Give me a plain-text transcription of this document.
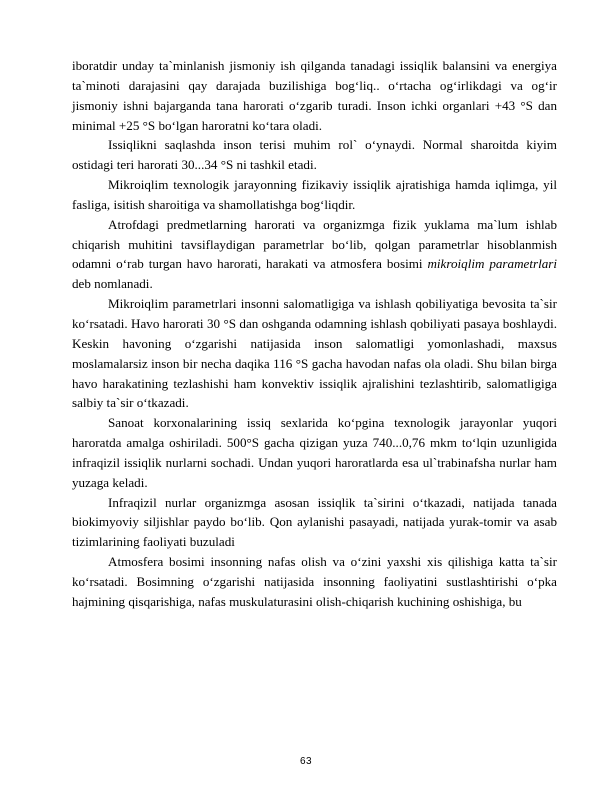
iboratdir unday ta`minlanish jismoniy ish qilganda tanadagi issiqlik balansini va energiya ta`minoti darajasini qay darajada buzilishiga bog‘liq.. o‘rtacha og‘irlikdagi va og‘ir jismoniy ishni bajarganda tana harorati o‘zgarib turadi. Inson ichki organlari +43 °S dan minimal +25 °S bo‘lgan haroratni ko‘tara oladi.

Issiqlikni saqlashda inson terisi muhim rol` o‘ynaydi. Normal sharoitda kiyim ostidagi teri harorati 30...34 °S ni tashkil etadi.

Mikroiqlim texnologik jarayonning fizikaviy issiqlik ajratishiga hamda iqlimga, yil fasliga, isitish sharoitiga va shamollatishga bog‘liqdir.

Atrofdagi predmetlarning harorati va organizmga fizik yuklama ma`lum ishlab chiqarish muhitini tavsiflaydigan parametrlar bo‘lib, qolgan parametrlar hisoblanmish odamni o‘rab turgan havo harorati, harakati va atmosfera bosimi mikroiqlim parametrlari deb nomlanadi.

Mikroiqlim parametrlari insonni salomatligiga va ishlash qobiliyatiga bevosita ta`sir ko‘rsatadi. Havo harorati 30 °S dan oshganda odamning ishlash qobiliyati pasaya boshlaydi. Keskin havoning o‘zgarishi natijasida inson salomatligi yomonlashadi, maxsus moslamalarsiz inson bir necha daqika 116 °S gacha havodan nafas ola oladi. Shu bilan birga havo harakatining tezlashishi ham konvektiv issiqlik ajralishini tezlashtirib, salomatligiga salbiy ta`sir o‘tkazadi.

Sanoat korxonalarining issiq sexlarida ko‘pgina texnologik jarayonlar yuqori haroratda amalga oshiriladi. 500°S gacha qizigan yuza 740...0,76 mkm to‘lqin uzunligida infraqizil issiqlik nurlarni sochadi. Undan yuqori haroratlarda esa ul`trabinafsha nurlar ham yuzaga keladi.

Infraqizil nurlar organizmga asosan issiqlik ta`sirini o‘tkazadi, natijada tanada biokimyoviy siljishlar paydo bo‘lib. Qon aylanishi pasayadi, natijada yurak-tomir va asab tizimlarining faoliyati buzuladi

Atmosfera bosimi insonning nafas olish va o‘zini yaxshi xis qilishiga katta ta`sir ko‘rsatadi. Bosimning o‘zgarishi natijasida insonning faoliyatini sustlashtirishi o‘pka hajmining qisqarishiga, nafas muskulaturasini olish-chiqarish kuchining oshishiga, bu

63
